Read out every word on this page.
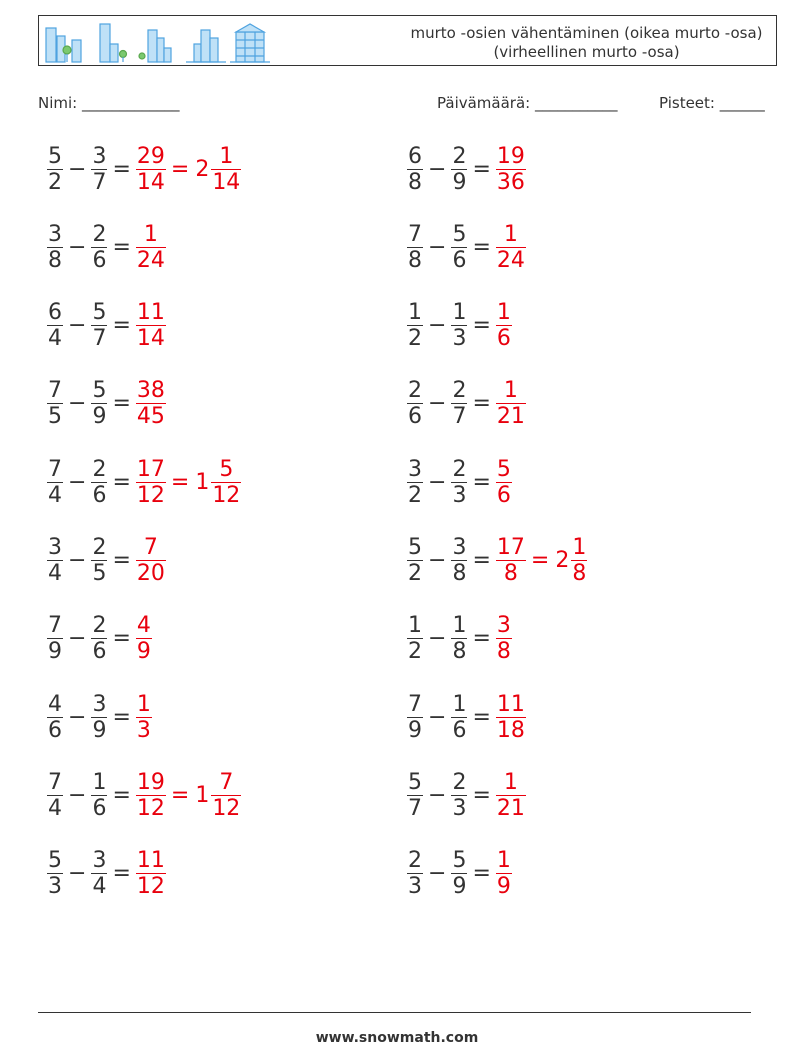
murto -osien vähentäminen (oikea murto -osa) (virheellinen murto -osa)
Nimi: _____________	Päivämäärä: ___________	Pisteet: ______
$\frac{5}{2} - \frac{3}{7} = \frac{29}{14} = 2 \frac{1}{14}$	$\frac{6}{8} - \frac{2}{9} = \frac{19}{36}$
$\frac{3}{8} - \frac{2}{6} = \frac{1}{24}$	$\frac{7}{8} - \frac{5}{6} = \frac{1}{24}$
$\frac{6}{4} - \frac{5}{7} = \frac{11}{14}$	$\frac{1}{2} - \frac{1}{3} = \frac{1}{6}$
$\frac{7}{5} - \frac{5}{9} = \frac{38}{45}$	$\frac{2}{6} - \frac{2}{7} = \frac{1}{21}$
$\frac{7}{4} - \frac{2}{6} = \frac{17}{12} = 1 \frac{5}{12}$	$\frac{3}{2} - \frac{2}{3} = \frac{5}{6}$
$\frac{3}{4} - \frac{2}{5} = \frac{7}{20}$	$\frac{5}{2} - \frac{3}{8} = \frac{17}{8} = 2 \frac{1}{8}$
$\frac{7}{9} - \frac{2}{6} = \frac{4}{9}$	$\frac{1}{2} - \frac{1}{8} = \frac{3}{8}$
$\frac{4}{6} - \frac{3}{9} = \frac{1}{3}$	$\frac{7}{9} - \frac{1}{6} = \frac{11}{18}$
$\frac{7}{4} - \frac{1}{6} = \frac{19}{12} = 1 \frac{7}{12}$	$\frac{5}{7} - \frac{2}{3} = \frac{1}{21}$
$\frac{5}{3} - \frac{3}{4} = \frac{11}{12}$	$\frac{2}{3} - \frac{5}{9} = \frac{1}{9}$
www.snowmath.com
